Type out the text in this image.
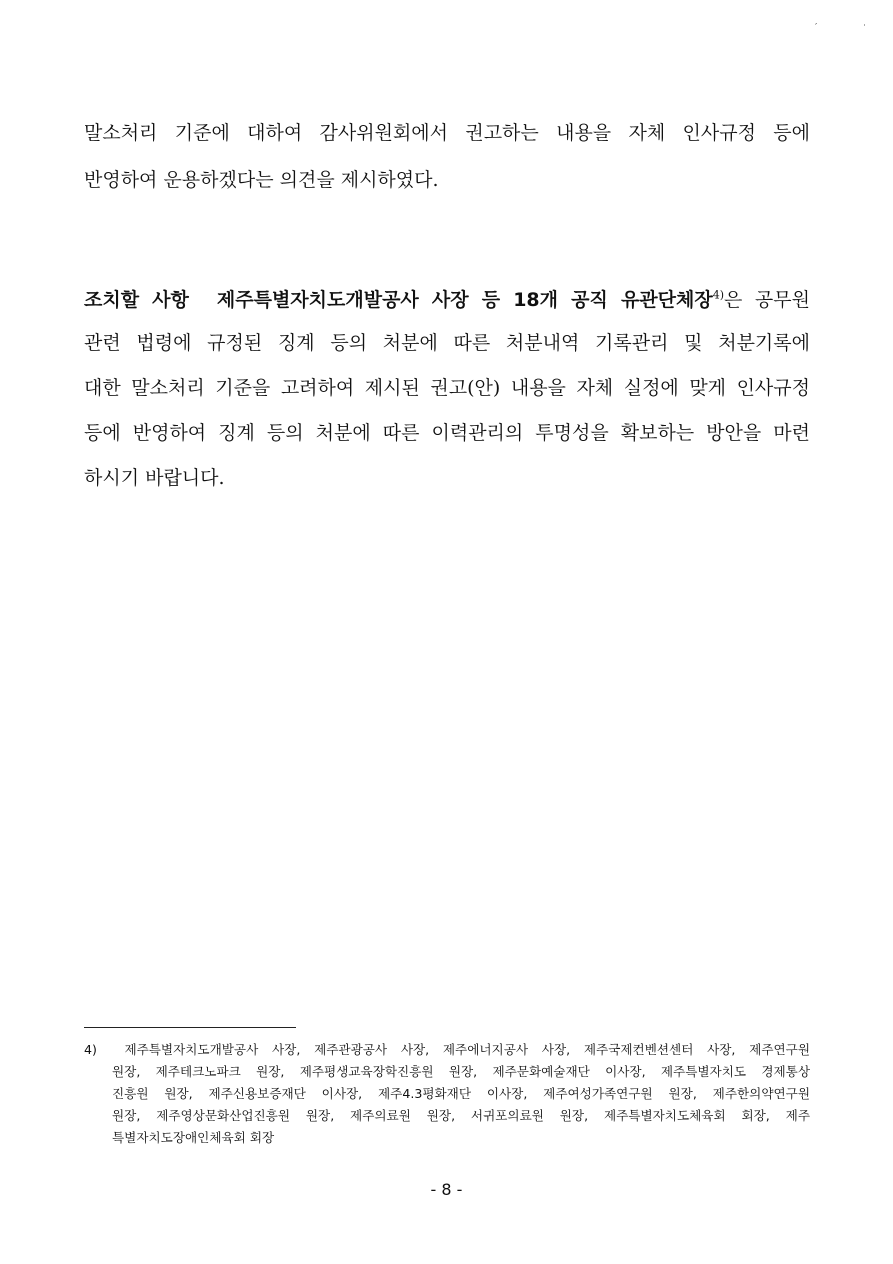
′	˙
말소처리 기준에 대하여 감사위원회에서 권고하는 내용을 자체 인사규정 등에
반영하여 운용하겠다는 의견을 제시하였다.
조치할 사항 제주특별자치도개발공사 사장 등 18개 공직 유관단체장$^{4)}$은 공무원
관련 법령에 규정된 징계 등의 처분에 따른 처분내역 기록관리 및 처분기록에
대한 말소처리 기준을 고려하여 제시된 권고(안) 내용을 자체 실정에 맞게 인사규정
등에 반영하여 징계 등의 처분에 따른 이력관리의 투명성을 확보하는 방안을 마련
하시기 바랍니다.
4) 제주특별자치도개발공사 사장, 제주관광공사 사장, 제주에너지공사 사장, 제주국제컨벤션센터 사장, 제주연구원
원장, 제주테크노파크 원장, 제주평생교육장학진흥원 원장, 제주문화예술재단 이사장, 제주특별자치도 경제통상
진흥원 원장, 제주신용보증재단 이사장, 제주4.3평화재단 이사장, 제주여성가족연구원 원장, 제주한의약연구원
원장, 제주영상문화산업진흥원 원장, 제주의료원 원장, 서귀포의료원 원장, 제주특별자치도체육회 회장, 제주
특별자치도장애인체육회 회장
- 8 -
